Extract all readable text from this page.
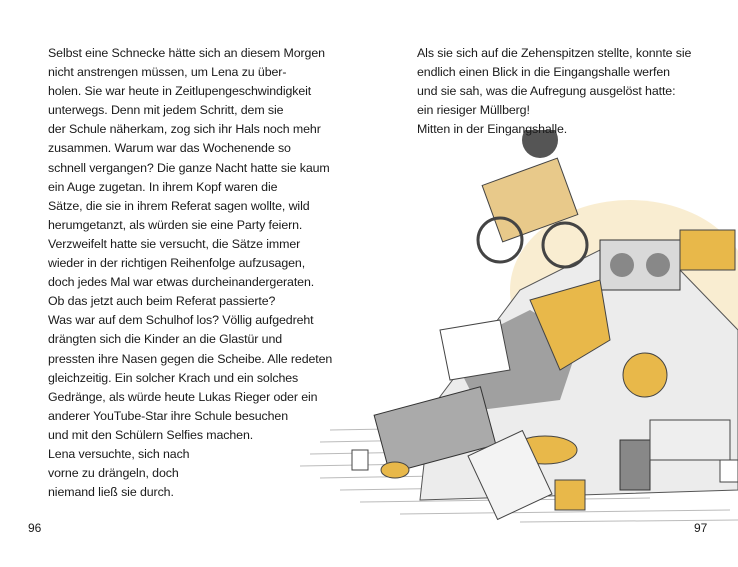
Selbst eine Schnecke hätte sich an diesem Morgen
nicht anstrengen müssen, um Lena zu über-
holen. Sie war heute in Zeitlupengeschwindigkeit
unterwegs. Denn mit jedem Schritt, dem sie
der Schule näherkam, zog sich ihr Hals noch mehr
zusammen. Warum war das Wochenende so
schnell vergangen? Die ganze Nacht hatte sie kaum
ein Auge zugetan. In ihrem Kopf waren die
Sätze, die sie in ihrem Referat sagen wollte, wild
herumgetanzt, als würden sie eine Party feiern.
Verzweifelt hatte sie versucht, die Sätze immer
wieder in der richtigen Reihenfolge aufzusagen,
doch jedes Mal war etwas durcheinandergeraten.
Ob das jetzt auch beim Referat passierte?
Was war auf dem Schulhof los? Völlig aufgedreht
drängten sich die Kinder an die Glastür und
pressten ihre Nasen gegen die Scheibe. Alle redeten
gleichzeitig. Ein solcher Krach und ein solches
Gedränge, als würde heute Lukas Rieger oder ein
anderer YouTube-Star ihre Schule besuchen
und mit den Schülern Selfies machen.
Lena versuchte, sich nach
vorne zu drängeln, doch
niemand ließ sie durch.
Als sie sich auf die Zehenspitzen stellte, konnte sie
endlich einen Blick in die Eingangshalle werfen
und sie sah, was die Aufregung ausgelöst hatte:
ein riesiger Müllberg!
Mitten in der Eingangshalle.
96	97
